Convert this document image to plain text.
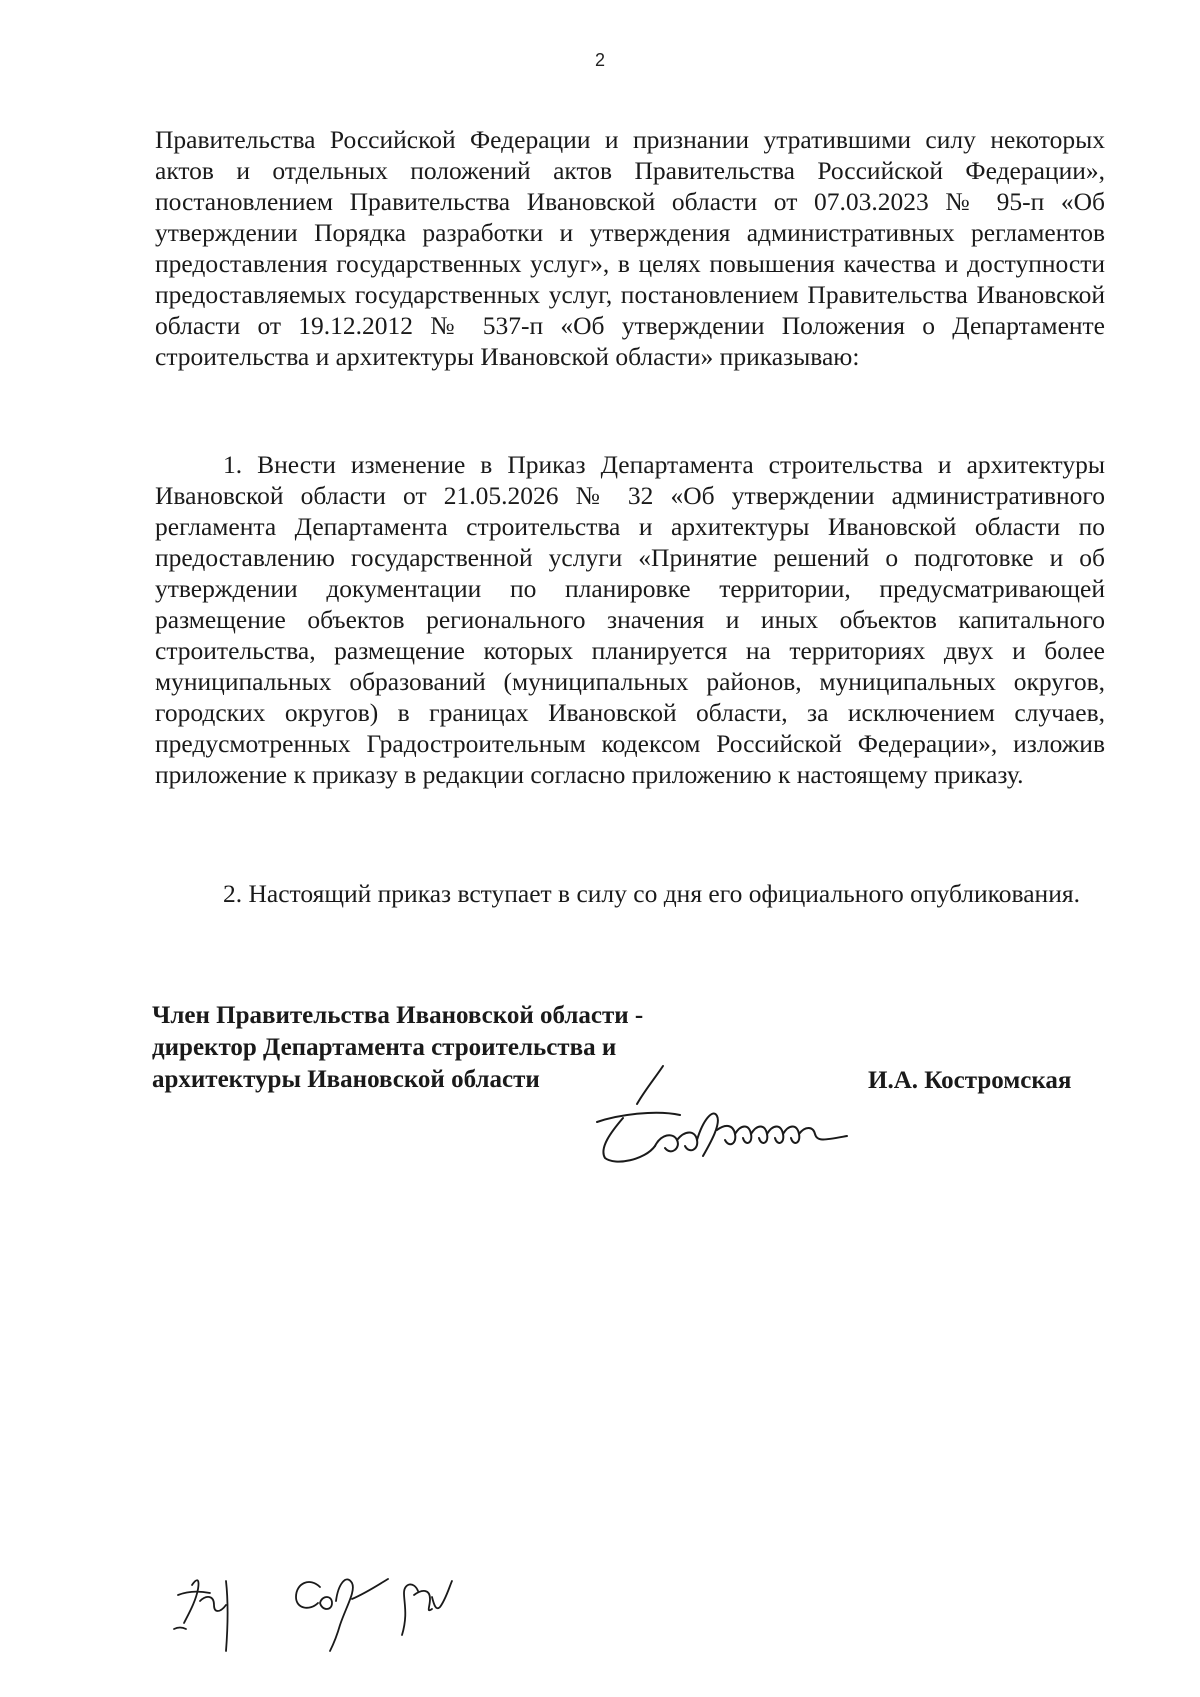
2

Правительства Российской Федерации и признании утратившими силу некоторых актов и отдельных положений актов Правительства Российской Федерации», постановлением Правительства Ивановской области от 07.03.2023 № 95-п «Об утверждении Порядка разработки и утверждения административных регламентов предоставления государственных услуг», в целях повышения качества и доступности предоставляемых государственных услуг, постановлением Правительства Ивановской области от 19.12.2012 № 537-п «Об утверждении Положения о Департаменте строительства и архитектуры Ивановской области» приказываю:

1. Внести изменение в Приказ Департамента строительства и архитектуры Ивановской области от 21.05.2026 № 32 «Об утверждении административного регламента Департамента строительства и архитектуры Ивановской области по предоставлению государственной услуги «Принятие решений о подготовке и об утверждении документации по планировке территории, предусматривающей размещение объектов регионального значения и иных объектов капитального строительства, размещение которых планируется на территориях двух и более муниципальных образований (муниципальных районов, муниципальных округов, городских округов) в границах Ивановской области, за исключением случаев, предусмотренных Градостроительным кодексом Российской Федерации», изложив приложение к приказу в редакции согласно приложению к настоящему приказу.

2. Настоящий приказ вступает в силу со дня его официального опубликования.

Член Правительства Ивановской области -
директор Департамента строительства и
архитектуры Ивановской области	И.А. Костромская
